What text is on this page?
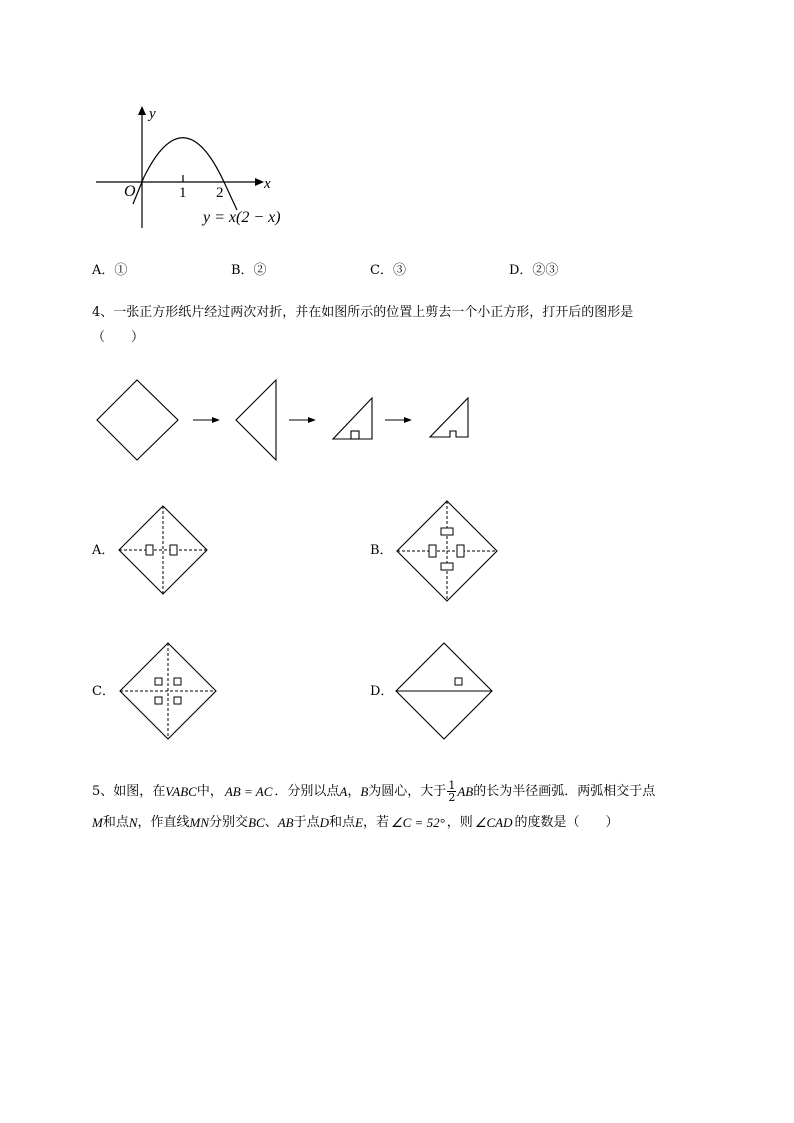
y
x
O	1 2
y = x(2 − x)
A．①	B．②	C．③	D．②③
4、一张正方形纸片经过两次对折，并在如图所示的位置上剪去一个小正方形，打开后的图形是
（　　）
A．	B．
C．	D．
5、如图，在 VABC 中， AB = AC ．分别以点 A ， B 为圆心，大于 $\frac{1}{2}$ AB 的长为半径画弧．两弧相交于点
M 和点 N ，作直线 MN 分别交 BC 、 AB 于点 D 和点 E ，若 ∠C = 52° ，则 ∠CAD 的度数是（　　）
